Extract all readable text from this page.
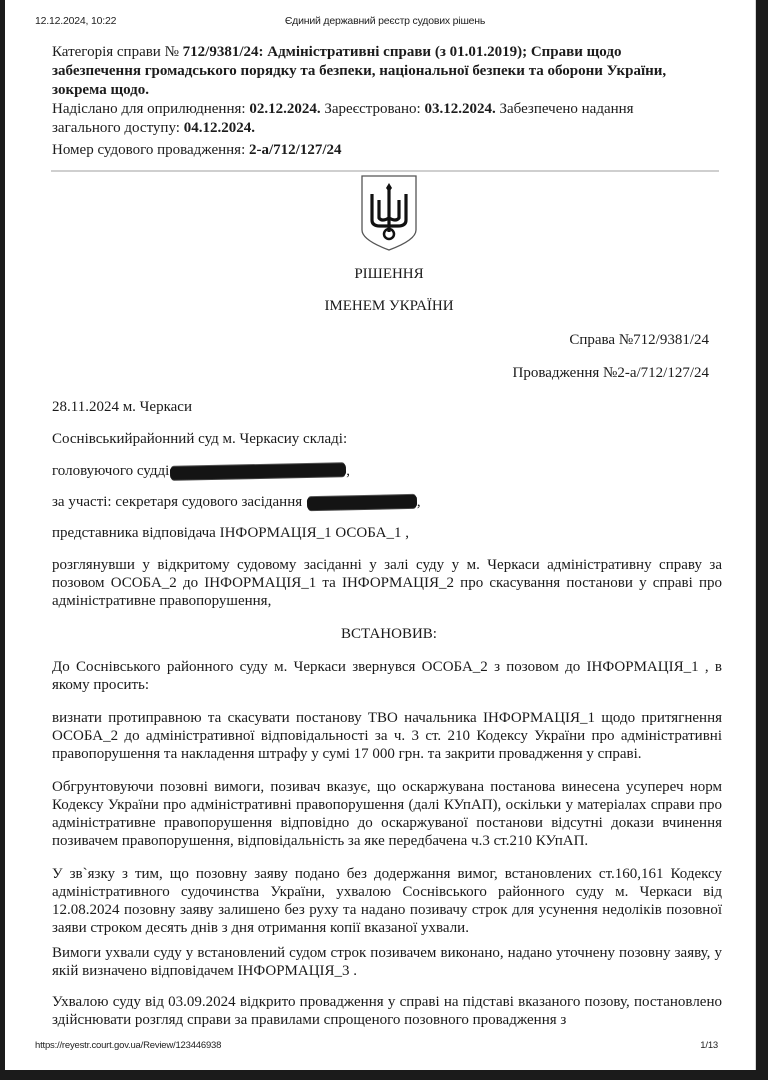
12.12.2024, 10:22	Єдиний державний реєстр судових рішень

Категорія справи № 712/9381/24: Адміністративні справи (з 01.01.2019); Справи щодо забезпечення громадського порядку та безпеки, національної безпеки та оборони України, зокрема щодо.

Надіслано для оприлюднення: 02.12.2024. Зареєстровано: 03.12.2024. Забезпечено надання загального доступу: 04.12.2024.

Номер судового провадження: 2-а/712/127/24

РІШЕННЯ
ІМЕНЕМ УКРАЇНИ
Справа №712/9381/24
Провадження №2-а/712/127/24
28.11.2024 м. Черкаси
Соснівськийрайонний суд м. Черкасиу складі:
головуючого судді	,
за участі: секретаря судового засідання	,
представника відповідача ІНФОРМАЦІЯ_1 ОСОБА_1 ,
розглянувши у відкритому судовому засіданні у залі суду у м. Черкаси адміністративну справу за позовом ОСОБА_2 до ІНФОРМАЦІЯ_1 та ІНФОРМАЦІЯ_2 про скасування постанови у справі про адміністративне правопорушення,
ВСТАНОВИВ:
До Соснівського районного суду м. Черкаси звернувся ОСОБА_2 з позовом до ІНФОРМАЦІЯ_1 , в якому просить:
визнати протиправною та скасувати постанову ТВО начальника ІНФОРМАЦІЯ_1 щодо притягнення ОСОБА_2 до адміністративної відповідальності за ч. 3 ст. 210 Кодексу України про адміністративні правопорушення та накладення штрафу у сумі 17 000 грн. та закрити провадження у справі.
Обгрунтовуючи позовні вимоги, позивач вказує, що оскаржувана постанова винесена усупереч норм Кодексу України про адміністративні правопорушення (далі КУпАП), оскільки у матеріалах справи про адміністративне правопорушення відповідно до оскаржуваної постанови відсутні докази вчинення позивачем правопорушення, відповідальність за яке передбачена ч.3 ст.210 КУпАП.
У зв`язку з тим, що позовну заяву подано без додержання вимог, встановлених ст.160,161 Кодексу адміністративного судочинства України, ухвалою Соснівського районного суду м. Черкаси від 12.08.2024 позовну заяву залишено без руху та надано позивачу строк для усунення недоліків позовної заяви строком десять днів з дня отримання копії вказаної ухвали.
Вимоги ухвали суду у встановлений судом строк позивачем виконано, надано уточнену позовну заяву, у якій визначено відповідачем ІНФОРМАЦІЯ_3 .
Ухвалою суду від 03.09.2024 відкрито провадження у справі на підставі вказаного позову, постановлено здійснювати розгляд справи за правилами спрощеного позовного провадження з
https://reyestr.court.gov.ua/Review/123446938	1/13
